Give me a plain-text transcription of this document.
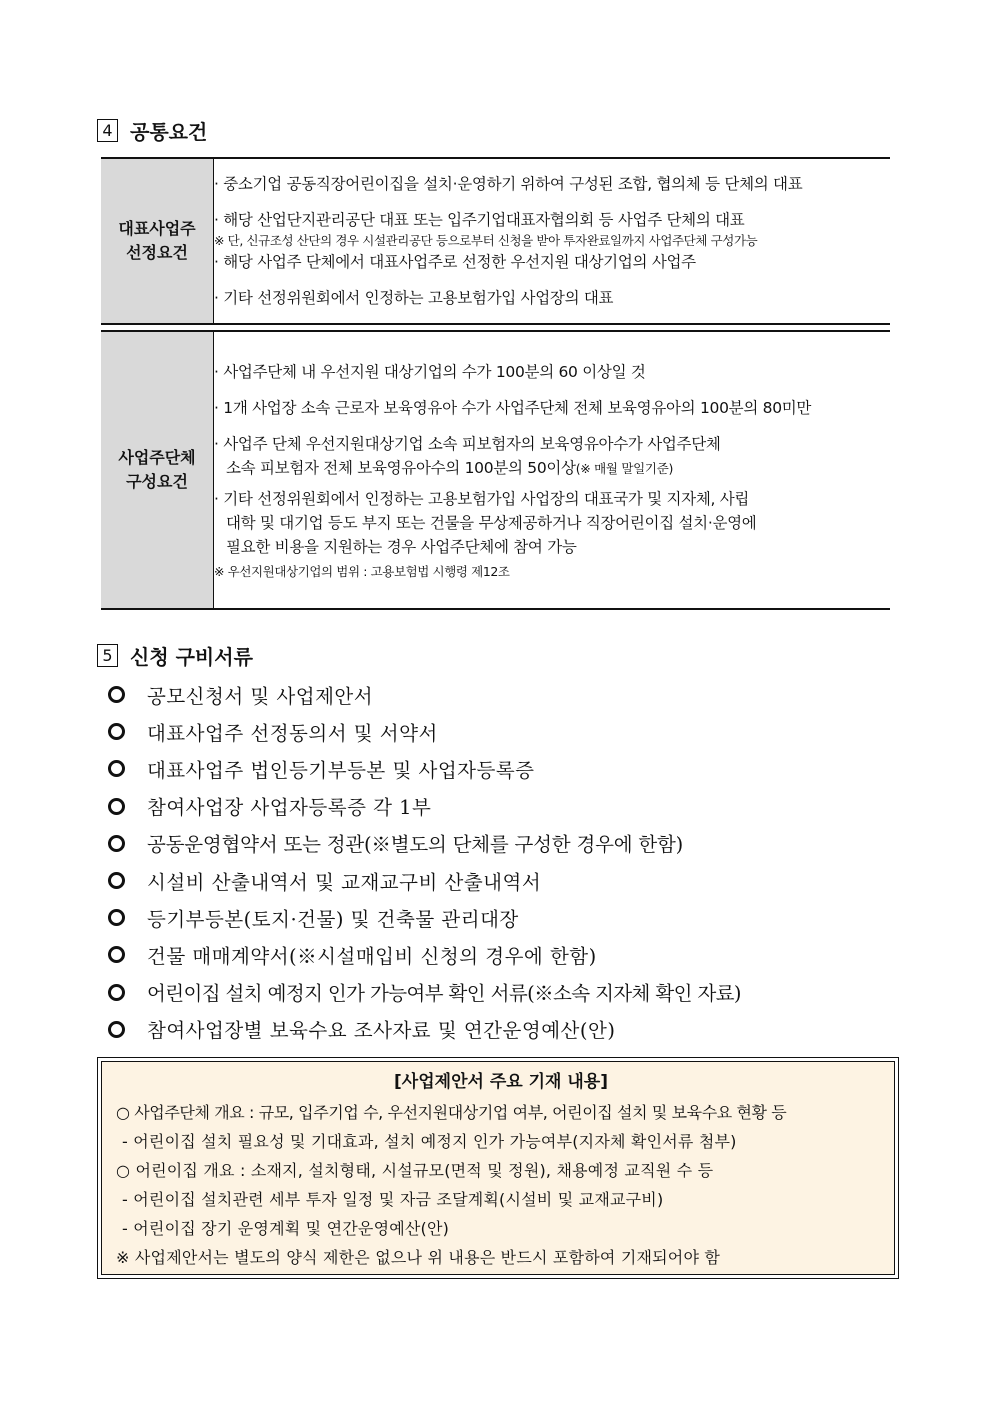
4 공통요건
대표사업주
선정요건

· 중소기업 공동직장어린이집을 설치·운영하기 위하여 구성된 조합, 협의체 등 단체의 대표
· 해당 산업단지관리공단 대표 또는 입주기업대표자협의회 등 사업주 단체의 대표
※ 단, 신규조성 산단의 경우 시설관리공단 등으로부터 신청을 받아 투자완료일까지 사업주단체 구성가능
· 해당 사업주 단체에서 대표사업주로 선정한 우선지원 대상기업의 사업주
· 기타 선정위원회에서 인정하는 고용보험가입 사업장의 대표
사업주단체
구성요건

· 사업주단체 내 우선지원 대상기업의 수가 100분의 60 이상일 것
· 1개 사업장 소속 근로자 보육영유아 수가 사업주단체 전체 보육영유아의 100분의 80미만
· 사업주 단체 우선지원대상기업 소속 피보험자의 보육영유아수가 사업주단체
소속 피보험자 전체 보육영유아수의 100분의 50이상(※ 매월 말일기준)
· 기타 선정위원회에서 인정하는 고용보험가입 사업장의 대표국가 및 지자체, 사립
대학 및 대기업 등도 부지 또는 건물을 무상제공하거나 직장어린이집 설치·운영에
필요한 비용을 지원하는 경우 사업주단체에 참여 가능
※ 우선지원대상기업의 범위 : 고용보험법 시행령 제12조
5 신청 구비서류
공모신청서 및 사업제안서
대표사업주 선정동의서 및 서약서
대표사업주 법인등기부등본 및 사업자등록증
참여사업장 사업자등록증 각 1부
공동운영협약서 또는 정관(※별도의 단체를 구성한 경우에 한함)
시설비 산출내역서 및 교재교구비 산출내역서
등기부등본(토지·건물) 및 건축물 관리대장
건물 매매계약서(※시설매입비 신청의 경우에 한함)
어린이집 설치 예정지 인가 가능여부 확인 서류(※소속 지자체 확인 자료)
참여사업장별 보육수요 조사자료 및 연간운영예산(안)
[사업제안서 주요 기재 내용]
○ 사업주단체 개요 : 규모, 입주기업 수, 우선지원대상기업 여부, 어린이집 설치 및 보육수요 현황 등
- 어린이집 설치 필요성 및 기대효과, 설치 예정지 인가 가능여부(지자체 확인서류 첨부)
○ 어린이집 개요 : 소재지, 설치형태, 시설규모(면적 및 정원), 채용예정 교직원 수 등
- 어린이집 설치관련 세부 투자 일정 및 자금 조달계획(시설비 및 교재교구비)
- 어린이집 장기 운영계획 및 연간운영예산(안)
※ 사업제안서는 별도의 양식 제한은 없으나 위 내용은 반드시 포함하여 기재되어야 함
